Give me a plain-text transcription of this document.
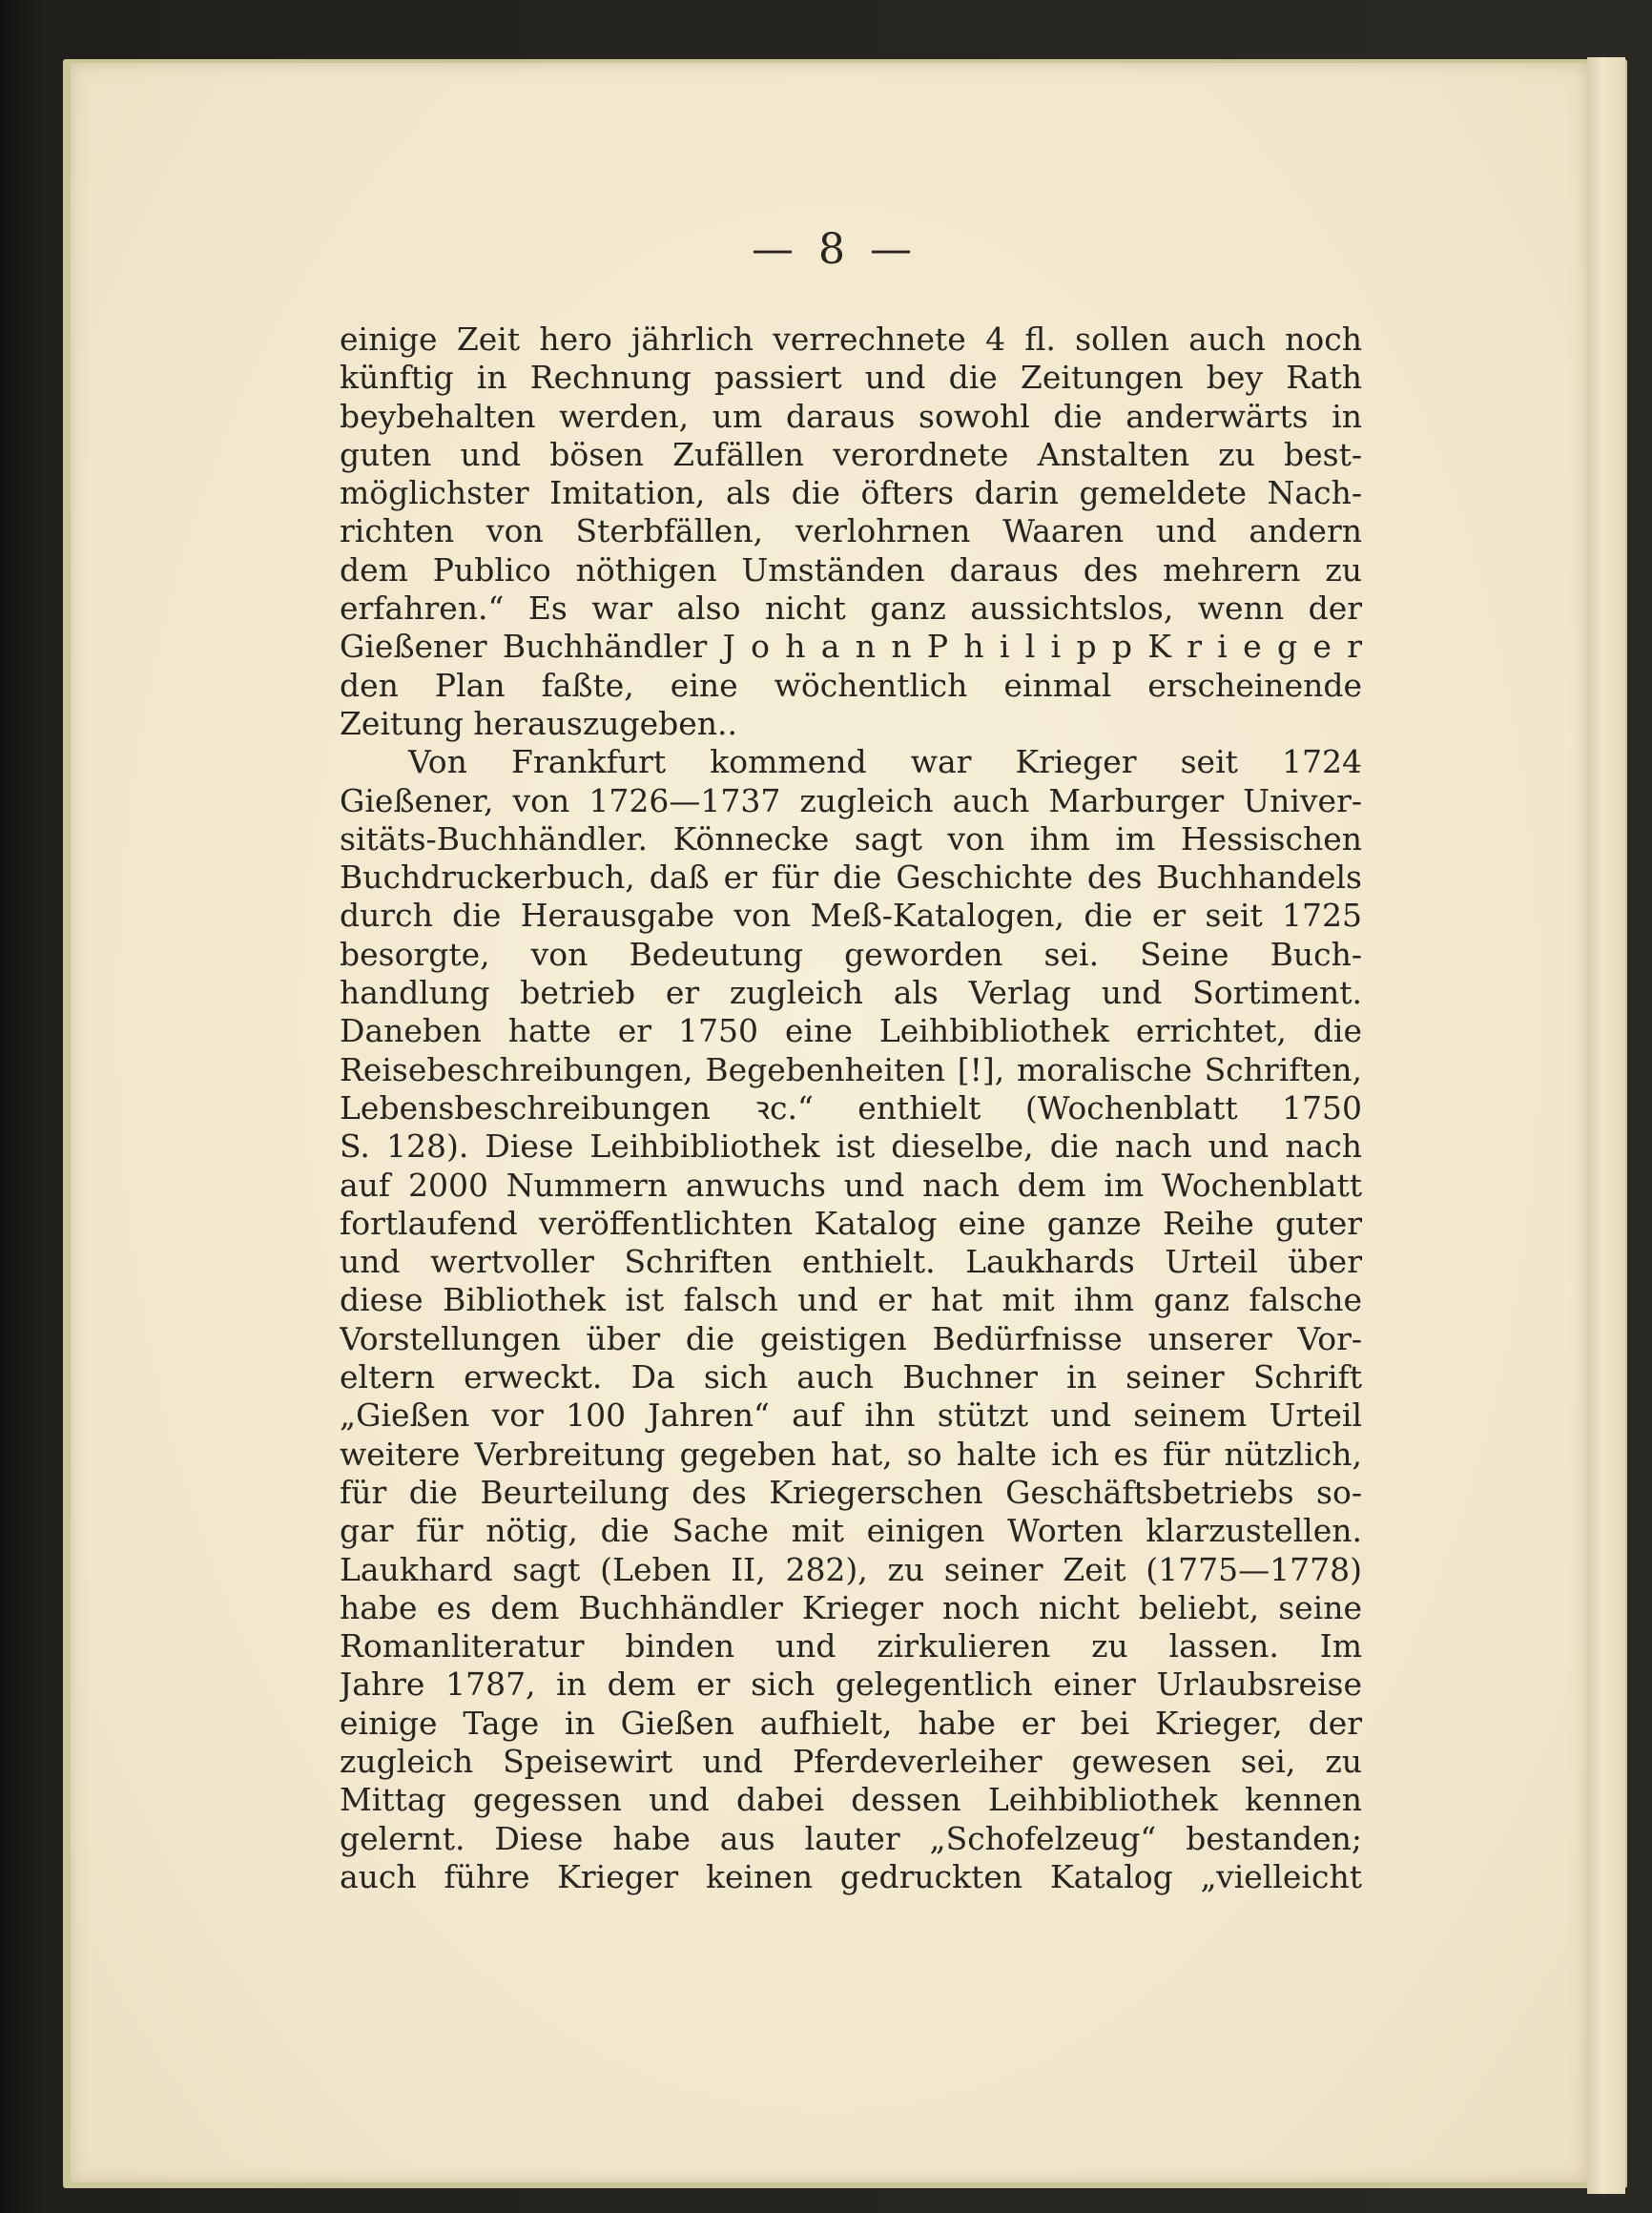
— 8 —
einige Zeit hero jährlich verrechnete 4 fl. sollen auch noch
künftig in Rechnung passiert und die Zeitungen bey Rath
beybehalten werden, um daraus sowohl die anderwärts in
guten und bösen Zufällen verordnete Anstalten zu best-
möglichster Imitation, als die öfters darin gemeldete Nach-
richten von Sterbfällen, verlohrnen Waaren und andern
dem Publico nöthigen Umständen daraus des mehrern zu
erfahren.“ Es war also nicht ganz aussichtslos, wenn der
Gießener Buchhändler J o h a n n P h i l i p p K r i e g e r
den Plan faßte, eine wöchentlich einmal erscheinende
Zeitung herauszugeben..
Von Frankfurt kommend war Krieger seit 1724
Gießener, von 1726—1737 zugleich auch Marburger Univer-
sitäts-Buchhändler. Könnecke sagt von ihm im Hessischen
Buchdruckerbuch, daß er für die Geschichte des Buchhandels
durch die Herausgabe von Meß-Katalogen, die er seit 1725
besorgte, von Bedeutung geworden sei. Seine Buch-
handlung betrieb er zugleich als Verlag und Sortiment.
Daneben hatte er 1750 eine Leihbibliothek errichtet, die
Reisebeschreibungen, Begebenheiten [!], moralische Schriften,
Lebensbeschreibungen ꝛc.“ enthielt (Wochenblatt 1750
S. 128). Diese Leihbibliothek ist dieselbe, die nach und nach
auf 2000 Nummern anwuchs und nach dem im Wochenblatt
fortlaufend veröffentlichten Katalog eine ganze Reihe guter
und wertvoller Schriften enthielt. Laukhards Urteil über
diese Bibliothek ist falsch und er hat mit ihm ganz falsche
Vorstellungen über die geistigen Bedürfnisse unserer Vor-
eltern erweckt. Da sich auch Buchner in seiner Schrift
„Gießen vor 100 Jahren“ auf ihn stützt und seinem Urteil
weitere Verbreitung gegeben hat, so halte ich es für nützlich,
für die Beurteilung des Kriegerschen Geschäftsbetriebs so-
gar für nötig, die Sache mit einigen Worten klarzustellen.
Laukhard sagt (Leben II, 282), zu seiner Zeit (1775—1778)
habe es dem Buchhändler Krieger noch nicht beliebt, seine
Romanliteratur binden und zirkulieren zu lassen. Im
Jahre 1787, in dem er sich gelegentlich einer Urlaubsreise
einige Tage in Gießen aufhielt, habe er bei Krieger, der
zugleich Speisewirt und Pferdeverleiher gewesen sei, zu
Mittag gegessen und dabei dessen Leihbibliothek kennen
gelernt. Diese habe aus lauter „Schofelzeug“ bestanden;
auch führe Krieger keinen gedruckten Katalog „vielleicht
